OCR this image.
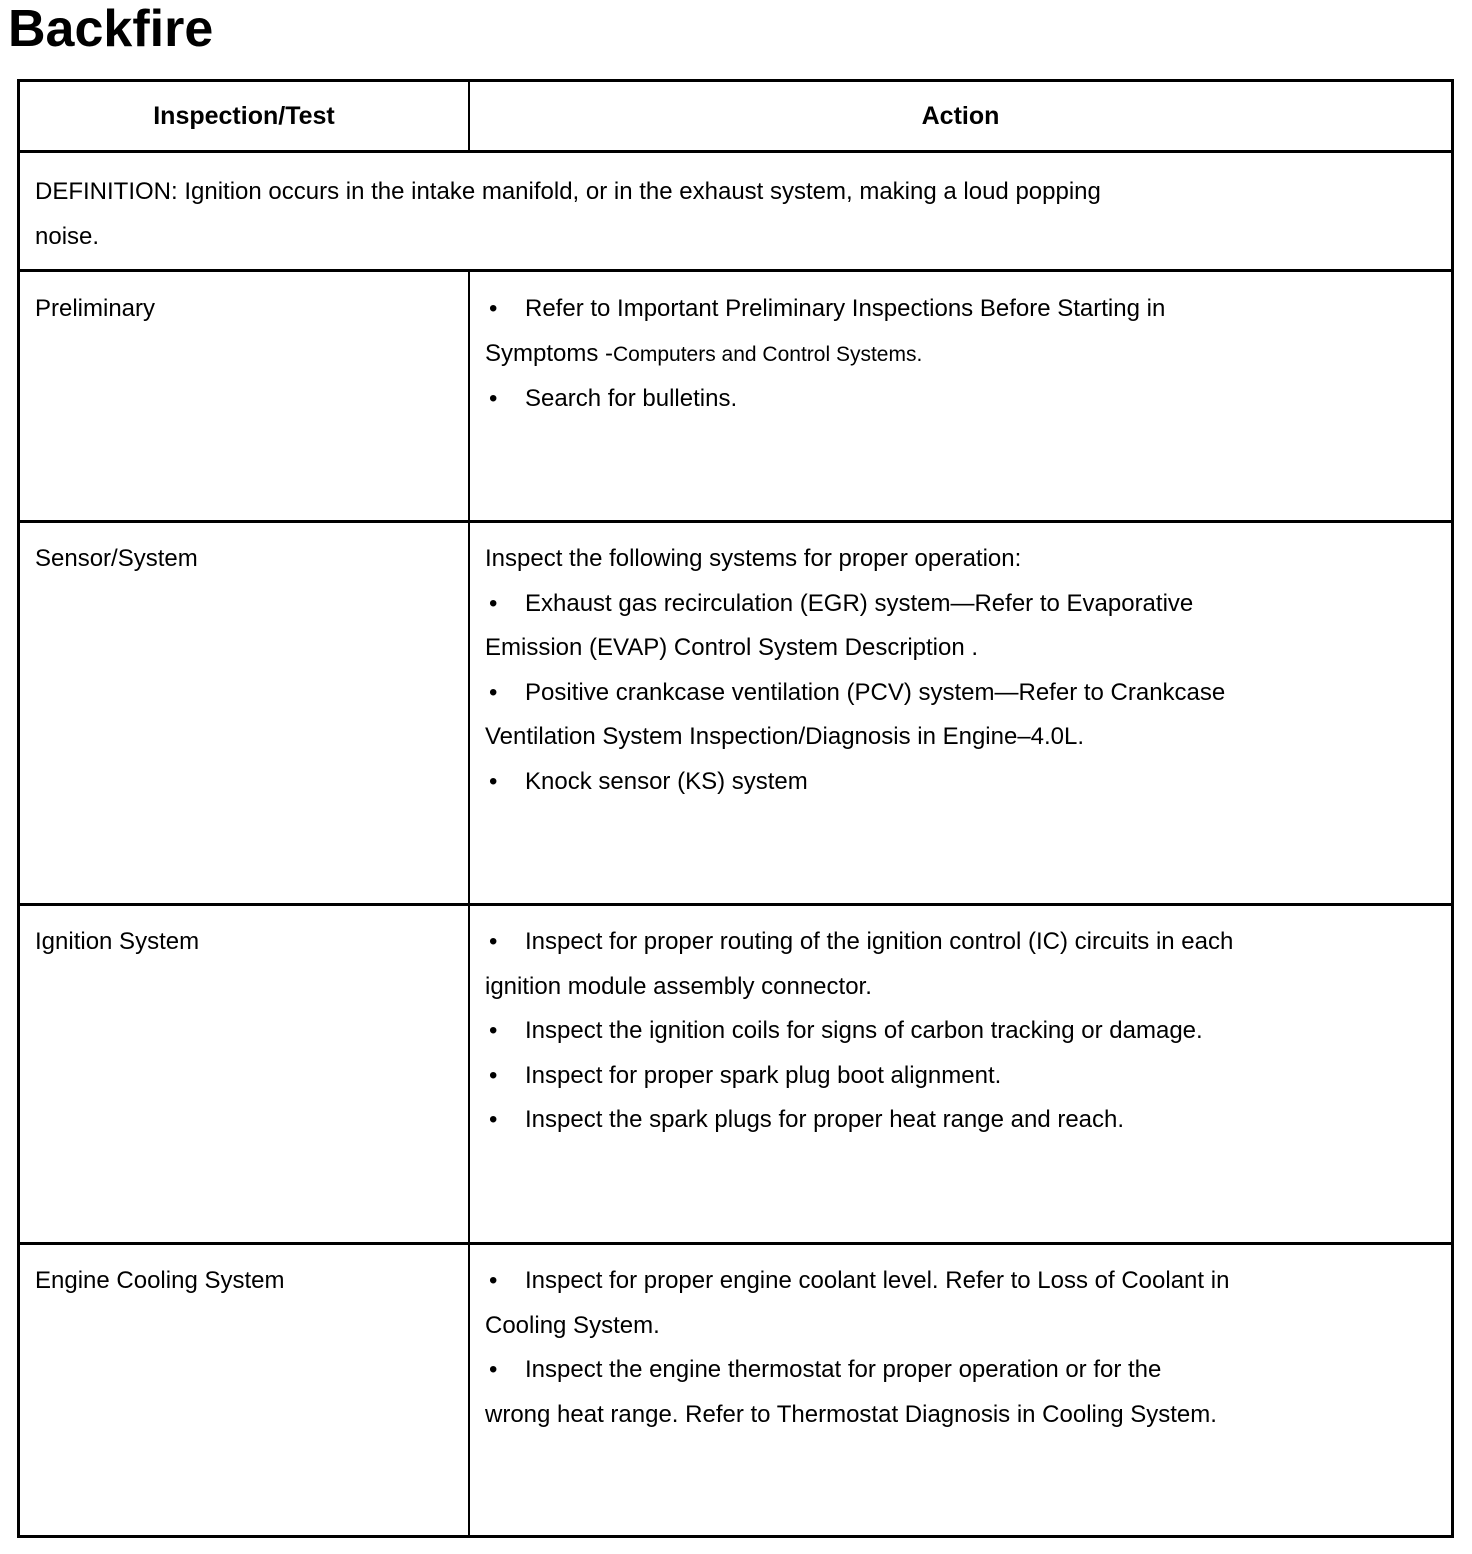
Backfire
Inspection/Test	Action
DEFINITION: Ignition occurs in the intake manifold, or in the exhaust system, making a loud popping
noise.
Preliminary	• Refer to Important Preliminary Inspections Before Starting in
Symptoms -Computers and Control Systems.
• Search for bulletins.
Sensor/System	Inspect the following systems for proper operation:
• Exhaust gas recirculation (EGR) system—Refer to Evaporative
Emission (EVAP) Control System Description .
• Positive crankcase ventilation (PCV) system—Refer to Crankcase
Ventilation System Inspection/Diagnosis in Engine–4.0L.
• Knock sensor (KS) system
Ignition System	• Inspect for proper routing of the ignition control (IC) circuits in each
ignition module assembly connector.
• Inspect the ignition coils for signs of carbon tracking or damage.
• Inspect for proper spark plug boot alignment.
• Inspect the spark plugs for proper heat range and reach.
Engine Cooling System	• Inspect for proper engine coolant level. Refer to Loss of Coolant in
Cooling System.
• Inspect the engine thermostat for proper operation or for the
wrong heat range. Refer to Thermostat Diagnosis in Cooling System.
